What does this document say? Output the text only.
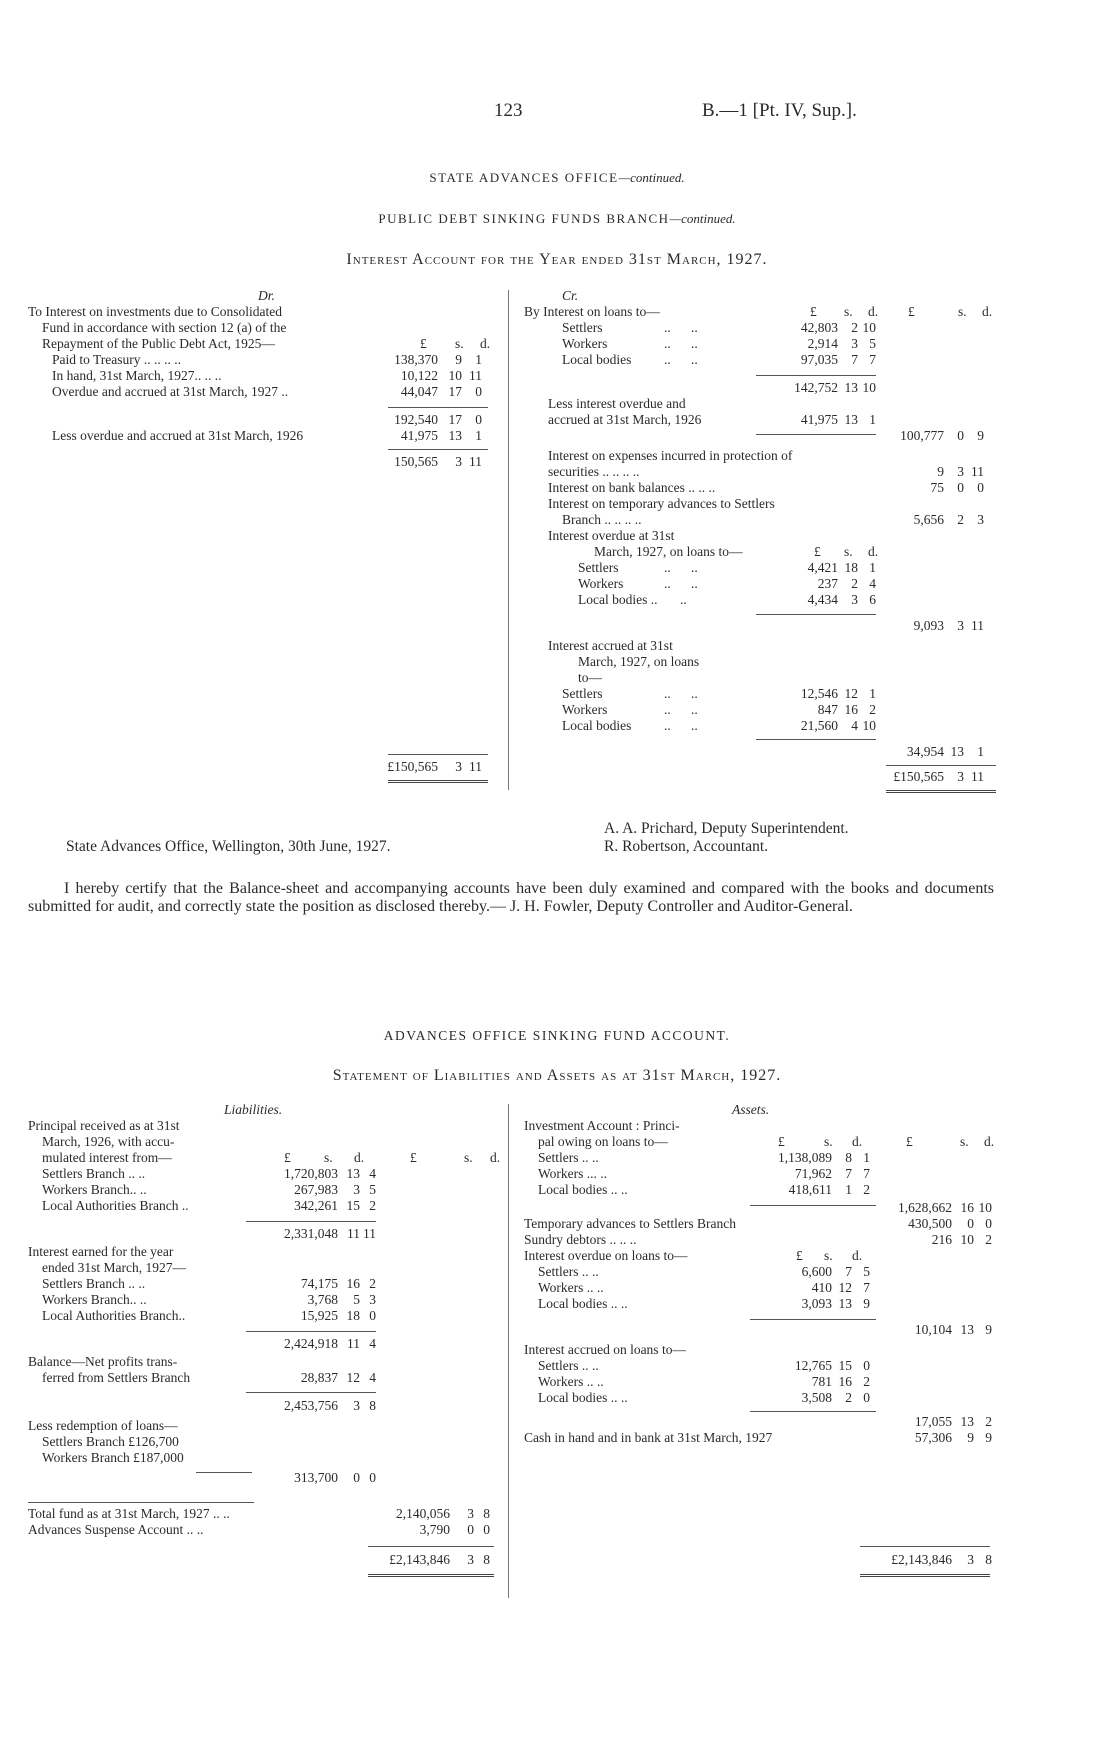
123	B.—1 [Pt. IV, Sup.].
STATE ADVANCES OFFICE—continued.
PUBLIC DEBT SINKING FUNDS BRANCH—continued.
Interest Account for the Year ended 31st March, 1927.
Dr.
To Interest on investments due to Consolidated
Fund in accordance with section 12 (a) of the
Repayment of the Public Debt Act, 1925—	£ s. d.
Paid to Treasury .. .. .. ..	138,370 9 1
In hand, 31st March, 1927.. .. ..	10,122 10 11
Overdue and accrued at 31st March, 1927 ..	44,047 17 0
192,540 17 0
Less overdue and accrued at 31st March, 1926	41,975 13 1
150,565 3 11
£150,565 3 11
Cr.
By Interest on loans to—	£ s. d. £	s. d.
Settlers	..      ..	42,803 2 10
Workers	..      ..	2,914 3 5
Local bodies ..      ..	97,035 7 7
142,752 13 10
Less interest overdue and
accrued at 31st March, 1926	41,975 13 1
100,777 0 9
Interest on expenses incurred in protection of
securities .. .. .. ..	9 3 11
Interest on bank balances .. .. ..	75 0 0
Interest on temporary advances to Settlers
Branch .. .. .. ..	5,656 2 3
Interest overdue at 31st
March, 1927, on loans to—	£ s. d.
Settlers	..      ..	4,421 18 1
Workers	..      ..	237 2 4
Local bodies .. ..	4,434 3 6
9,093 3 11
Interest accrued at 31st
March, 1927, on loans
to—
Settlers	..      ..	12,546 12 1
Workers	..      ..	847 16 2
Local bodies ..      ..	21,560 4 10
34,954 13 1
£150,565 3 11
A. A. Prichard, Deputy Superintendent.
R. Robertson, Accountant.
State Advances Office, Wellington, 30th June, 1927.
I hereby certify that the Balance-sheet and accompanying accounts have been duly examined and compared with the books and documents submitted for audit, and correctly state the position as disclosed thereby.— J. H. Fowler, Deputy Controller and Auditor-General.
ADVANCES OFFICE SINKING FUND ACCOUNT.
Statement of Liabilities and Assets as at 31st March, 1927.
Liabilities.
Principal received as at 31st
March, 1926, with accu-
mulated interest from—	£ s. d.	£	s. d.
Settlers Branch .. ..	1,720,803 13 4
Workers Branch.. ..	267,983 3 5
Local Authorities Branch ..	342,261 15 2
2,331,048 11 11
Interest earned for the year
ended 31st March, 1927—
Settlers Branch .. ..	74,175 16 2
Workers Branch.. ..	3,768 5 3
Local Authorities Branch..	15,925 18 0
2,424,918 11 4
Balance—Net profits trans-
ferred from Settlers Branch	28,837 12 4
2,453,756 3 8
Less redemption of loans—
Settlers Branch £126,700
Workers Branch £187,000
313,700 0 0
Total fund as at 31st March, 1927 .. ..	2,140,056 3 8
Advances Suspense Account .. ..	3,790 0 0
£2,143,846 3 8
Assets.
Investment Account : Princi-
pal owing on loans to—	£	s. d.	£	s. d.
Settlers .. ..	1,138,089 8 1
Workers ... ..	71,962 7 7
Local bodies .. ..	418,611 1 2
1,628,662 16 10
Temporary advances to Settlers Branch	430,500 0 0
Sundry debtors .. .. ..	216 10 2
Interest overdue on loans to—	£ s. d.
Settlers .. ..	6,600 7 5
Workers .. ..	410 12 7
Local bodies .. ..	3,093 13 9
10,104 13 9
Interest accrued on loans to—
Settlers .. ..	12,765 15 0
Workers .. ..	781 16 2
Local bodies .. ..	3,508 2 0
17,055 13 2
Cash in hand and in bank at 31st March, 1927	57,306 9 9
£2,143,846 3 8
